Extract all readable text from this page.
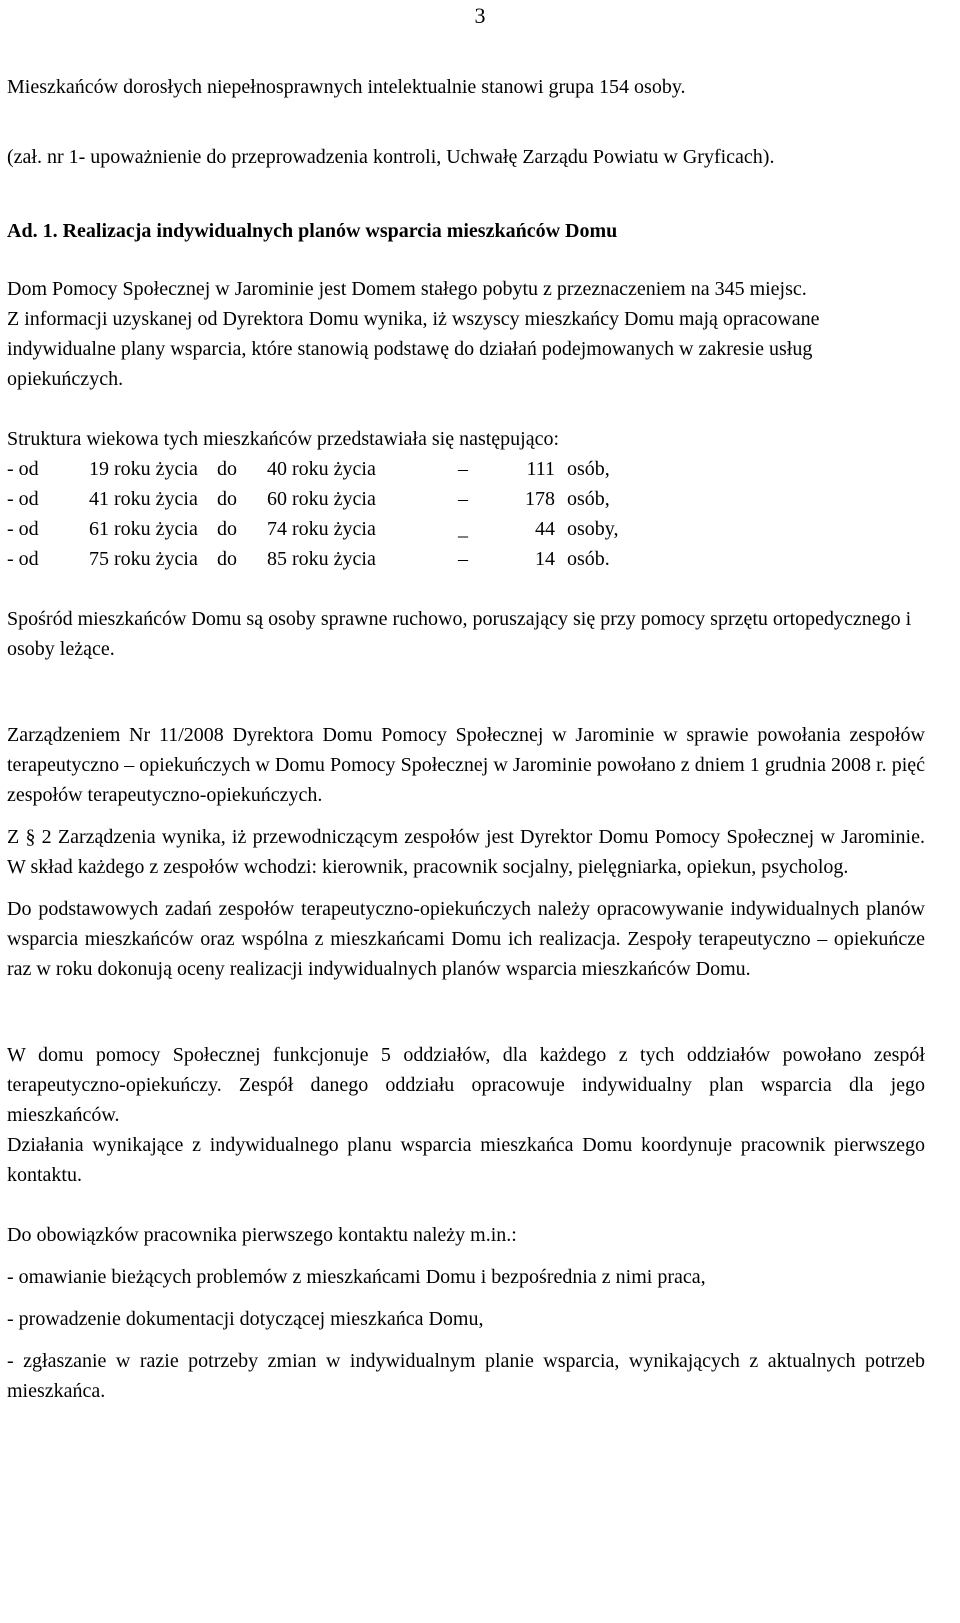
3

Mieszkańców dorosłych niepełnosprawnych intelektualnie stanowi grupa 154 osoby.

(zał. nr 1- upoważnienie do przeprowadzenia kontroli, Uchwałę Zarządu Powiatu w Gryficach).

Ad. 1. Realizacja indywidualnych planów wsparcia mieszkańców Domu

Dom Pomocy Społecznej w Jarominie jest Domem stałego pobytu z przeznaczeniem na 345 miejsc.

Z informacji uzyskanej od Dyrektora Domu wynika, iż wszyscy mieszkańcy Domu mają opracowane indywidualne plany wsparcia, które stanowią podstawę do działań podejmowanych w zakresie usług opiekuńczych.

Struktura wiekowa tych mieszkańców przedstawiała się następująco:

- od	19 roku życia do	40 roku życia	–	111 osób,
- od	41 roku życia do	60 roku życia	–	178 osób,
- od	61 roku życia do	74 roku życia	_	44 osoby,
- od	75 roku życia do	85 roku życia	–	14 osób.

Spośród mieszkańców Domu są osoby sprawne ruchowo, poruszający się przy pomocy sprzętu ortopedycznego i osoby leżące.

Zarządzeniem Nr 11/2008 Dyrektora Domu Pomocy Społecznej w Jarominie w sprawie powołania zespołów terapeutyczno – opiekuńczych w Domu Pomocy Społecznej w Jarominie powołano z dniem 1 grudnia 2008 r. pięć zespołów terapeutyczno-opiekuńczych.

Z § 2 Zarządzenia wynika, iż przewodniczącym zespołów jest Dyrektor Domu Pomocy Społecznej w Jarominie. W skład każdego z zespołów wchodzi: kierownik, pracownik socjalny, pielęgniarka, opiekun, psycholog.

Do podstawowych zadań zespołów terapeutyczno-opiekuńczych należy opracowywanie indywidualnych planów wsparcia mieszkańców oraz wspólna z mieszkańcami Domu ich realizacja. Zespoły terapeutyczno – opiekuńcze raz w roku dokonują oceny realizacji indywidualnych planów wsparcia mieszkańców Domu.

W domu pomocy Społecznej funkcjonuje 5 oddziałów, dla każdego z tych oddziałów powołano zespół terapeutyczno-opiekuńczy. Zespół danego oddziału opracowuje indywidualny plan wsparcia dla jego mieszkańców.

Działania wynikające z indywidualnego planu wsparcia mieszkańca Domu koordynuje pracownik pierwszego kontaktu.

Do obowiązków pracownika pierwszego kontaktu należy m.in.:

- omawianie bieżących problemów z mieszkańcami Domu i bezpośrednia z nimi praca,
- prowadzenie dokumentacji dotyczącej mieszkańca Domu,
- zgłaszanie w razie potrzeby zmian w indywidualnym planie wsparcia, wynikających z aktualnych potrzeb mieszkańca.
